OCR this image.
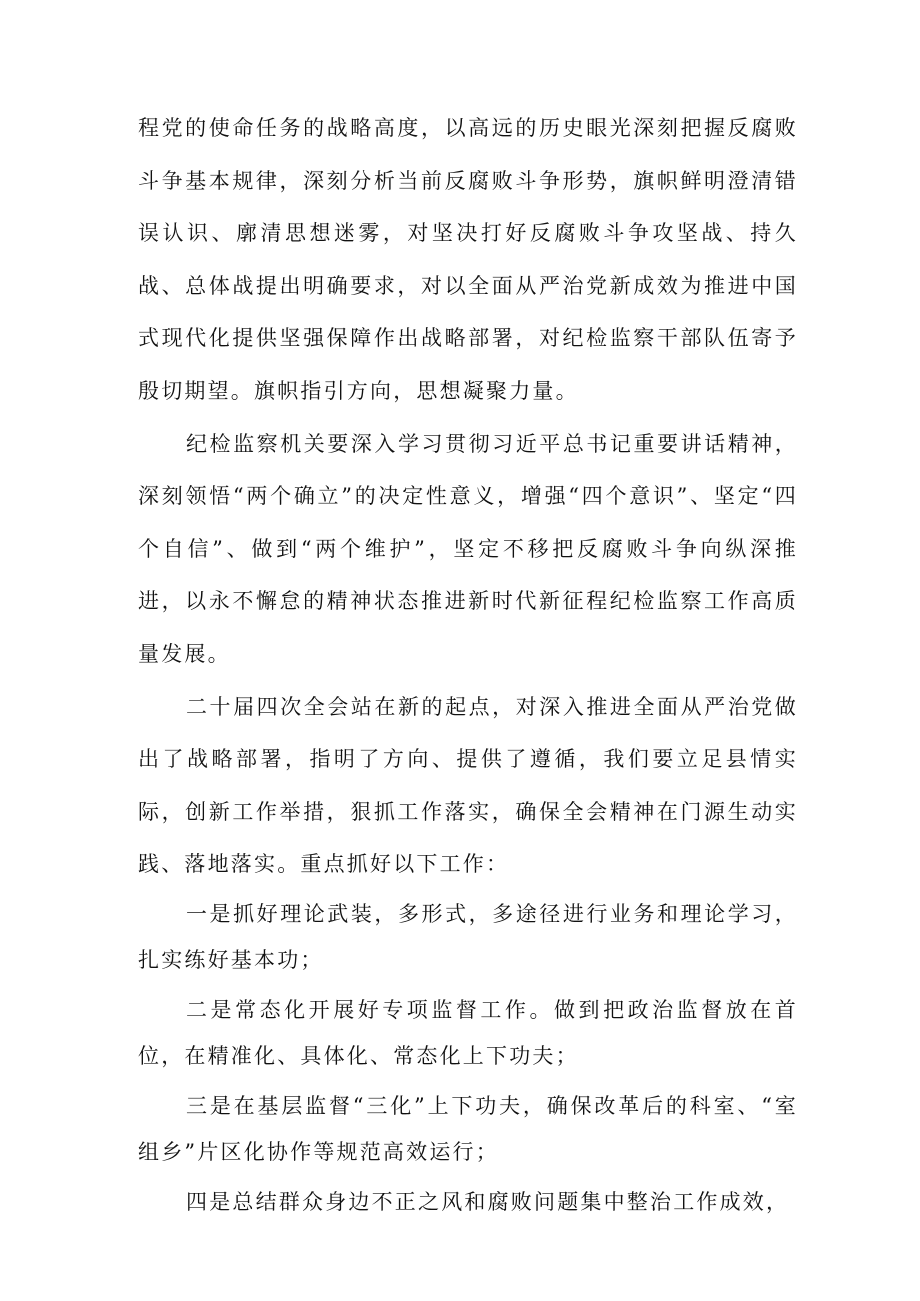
程党的使命任务的战略高度，以高远的历史眼光深刻把握反腐败斗争基本规律，深刻分析当前反腐败斗争形势，旗帜鲜明澄清错误认识、廓清思想迷雾，对坚决打好反腐败斗争攻坚战、持久战、总体战提出明确要求，对以全面从严治党新成效为推进中国式现代化提供坚强保障作出战略部署，对纪检监察干部队伍寄予殷切期望。旗帜指引方向，思想凝聚力量。

纪检监察机关要深入学习贯彻习近平总书记重要讲话精神，深刻领悟“两个确立”的决定性意义，增强“四个意识”、坚定“四个自信”、做到“两个维护”，坚定不移把反腐败斗争向纵深推进，以永不懈怠的精神状态推进新时代新征程纪检监察工作高质量发展。

二十届四次全会站在新的起点，对深入推进全面从严治党做出了战略部署，指明了方向、提供了遵循，我们要立足县情实际，创新工作举措，狠抓工作落实，确保全会精神在门源生动实践、落地落实。重点抓好以下工作：

一是抓好理论武装，多形式，多途径进行业务和理论学习，扎实练好基本功；

二是常态化开展好专项监督工作。做到把政治监督放在首位，在精准化、具体化、常态化上下功夫；

三是在基层监督“三化”上下功夫，确保改革后的科室、“室组乡”片区化协作等规范高效运行；

四是总结群众身边不正之风和腐败问题集中整治工作成效，
